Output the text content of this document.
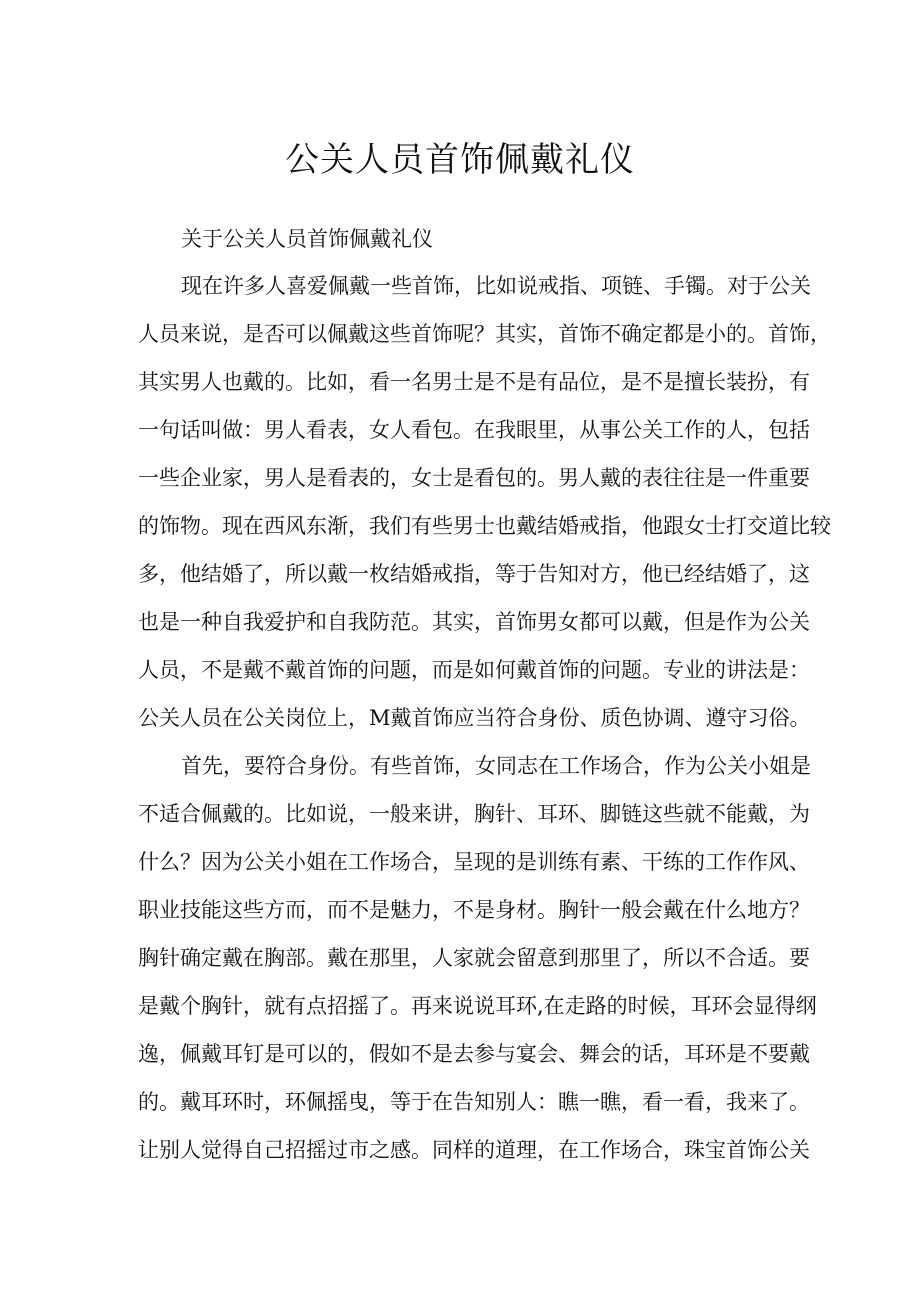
公关人员首饰佩戴礼仪

关于公关人员首饰佩戴礼仪

现在许多人喜爱佩戴一些首饰，比如说戒指、项链、手镯。对于公关
人员来说，是否可以佩戴这些首饰呢？其实，首饰不确定都是小的。首饰，
其实男人也戴的。比如，看一名男士是不是有品位，是不是擅长装扮，有
一句话叫做：男人看表，女人看包。在我眼里，从事公关工作的人，包括
一些企业家，男人是看表的，女士是看包的。男人戴的表往往是一件重要
的饰物。现在西风东渐，我们有些男士也戴结婚戒指，他跟女士打交道比较
多，他结婚了，所以戴一枚结婚戒指，等于告知对方，他已经结婚了，这
也是一种自我爱护和自我防范。其实，首饰男女都可以戴，但是作为公关
人员，不是戴不戴首饰的问题，而是如何戴首饰的问题。专业的讲法是：
公关人员在公关岗位上，M戴首饰应当符合身份、质色协调、遵守习俗。
首先，要符合身份。有些首饰，女同志在工作场合，作为公关小姐是
不适合佩戴的。比如说，一般来讲，胸针、耳环、脚链这些就不能戴，为
什么？因为公关小姐在工作场合，呈现的是训练有素、干练的工作作风、
职业技能这些方而，而不是魅力，不是身材。胸针一般会戴在什么地方？
胸针确定戴在胸部。戴在那里，人家就会留意到那里了，所以不合适。要
是戴个胸针，就有点招摇了。再来说说耳环,在走路的时候，耳环会显得纲
逸，佩戴耳钉是可以的，假如不是去参与宴会、舞会的话，耳环是不要戴
的。戴耳环时，环佩摇曳，等于在告知别人：瞧一瞧，看一看，我来了。
让别人觉得自己招摇过市之感。同样的道理，在工作场合，珠宝首饰公关
